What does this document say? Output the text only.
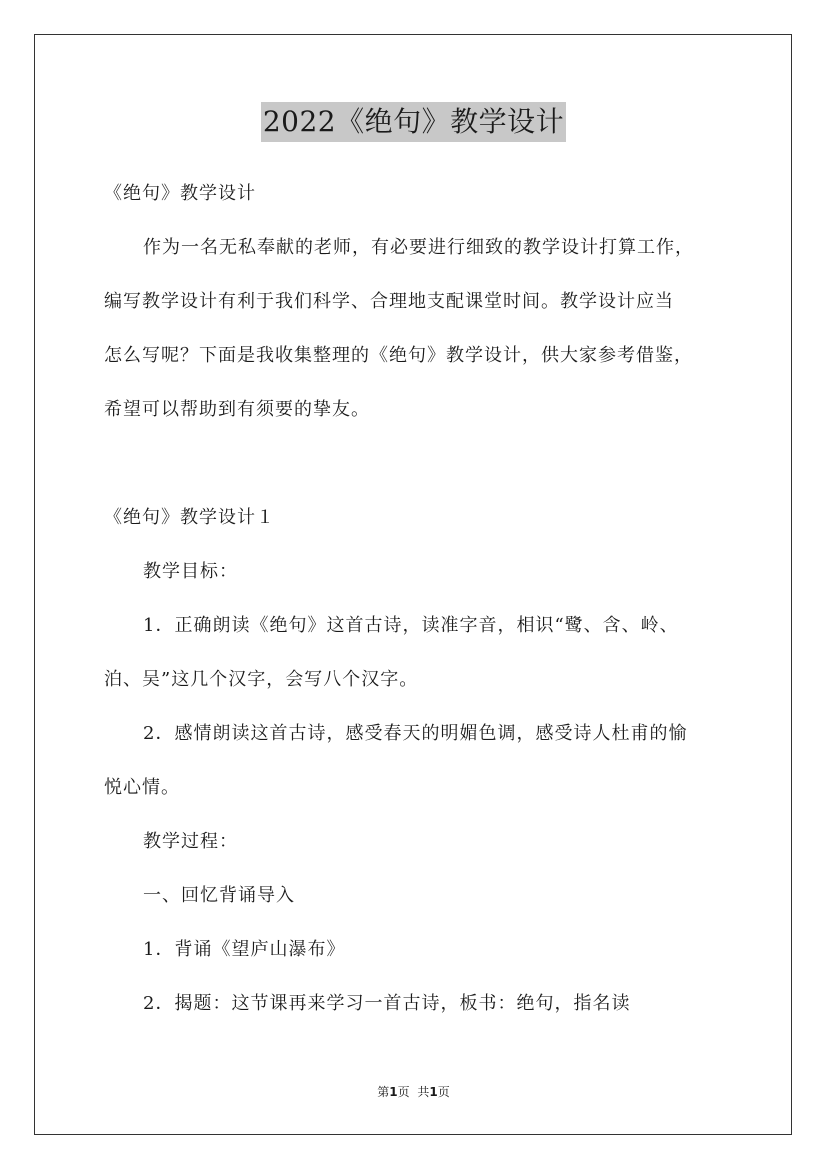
2022《绝句》教学设计

《绝句》教学设计

作为一名无私奉献的老师，有必要进行细致的教学设计打算工作，

编写教学设计有利于我们科学、合理地支配课堂时间。教学设计应当

怎么写呢？下面是我收集整理的《绝句》教学设计，供大家参考借鉴，

希望可以帮助到有须要的挚友。

《绝句》教学设计１

教学目标：

1．正确朗读《绝句》这首古诗，读准字音，相识“鹭、含、岭、

泊、吴”这几个汉字，会写八个汉字。

2．感情朗读这首古诗，感受春天的明媚色调，感受诗人杜甫的愉

悦心情。

教学过程：

一、回忆背诵导入

1．背诵《望庐山瀑布》

2．揭题：这节课再来学习一首古诗，板书：绝句，指名读

第1页 共1页
